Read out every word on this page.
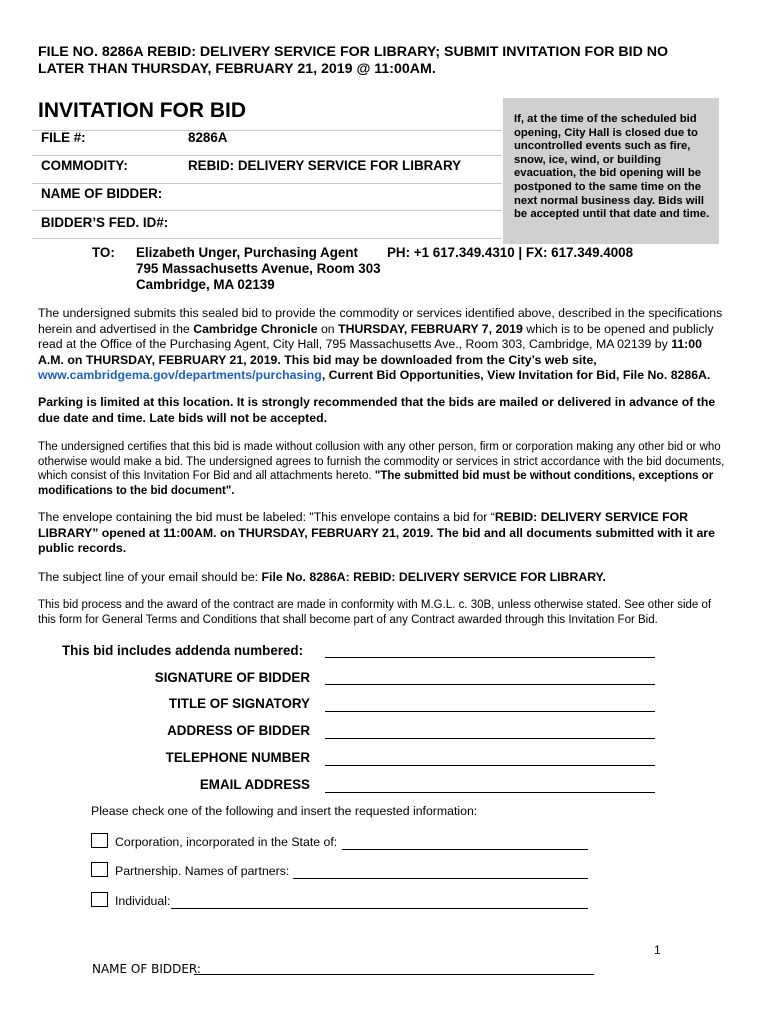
FILE NO. 8286A REBID: DELIVERY SERVICE FOR LIBRARY; SUBMIT INVITATION FOR BID NO
LATER THAN THURSDAY, FEBRUARY 21, 2019 @ 11:00AM.
INVITATION FOR BID
FILE #:	8286A
COMMODITY:	REBID: DELIVERY SERVICE FOR LIBRARY
NAME OF BIDDER:
BIDDER’S FED. ID#:
If, at the time of the scheduled bid opening, City Hall is closed due to uncontrolled events such as fire, snow, ice, wind, or building evacuation, the bid opening will be postponed to the same time on the next normal business day. Bids will be accepted until that date and time.
TO: Elizabeth Unger, Purchasing Agent
795 Massachusetts Avenue, Room 303
Cambridge, MA 02139
PH: +1 617.349.4310 | FX: 617.349.4008
The undersigned submits this sealed bid to provide the commodity or services identified above, described in the specifications herein and advertised in the Cambridge Chronicle on THURSDAY, FEBRUARY 7, 2019 which is to be opened and publicly read at the Office of the Purchasing Agent, City Hall, 795 Massachusetts Ave., Room 303, Cambridge, MA 02139 by 11:00 A.M. on THURSDAY, FEBRUARY 21, 2019. This bid may be downloaded from the City’s web site, www.cambridgema.gov/departments/purchasing, Current Bid Opportunities, View Invitation for Bid, File No. 8286A.
Parking is limited at this location. It is strongly recommended that the bids are mailed or delivered in advance of the due date and time. Late bids will not be accepted.
The undersigned certifies that this bid is made without collusion with any other person, firm or corporation making any other bid or who otherwise would make a bid. The undersigned agrees to furnish the commodity or services in strict accordance with the bid documents, which consist of this Invitation For Bid and all attachments hereto. "The submitted bid must be without conditions, exceptions or modifications to the bid document".
The envelope containing the bid must be labeled: "This envelope contains a bid for “REBID: DELIVERY SERVICE FOR LIBRARY” opened at 11:00AM. on THURSDAY, FEBRUARY 21, 2019. The bid and all documents submitted with it are public records.
The subject line of your email should be: File No. 8286A: REBID: DELIVERY SERVICE FOR LIBRARY.
This bid process and the award of the contract are made in conformity with M.G.L. c. 30B, unless otherwise stated. See other side of this form for General Terms and Conditions that shall become part of any Contract awarded through this Invitation For Bid.
This bid includes addenda numbered:
SIGNATURE OF BIDDER
TITLE OF SIGNATORY
ADDRESS OF BIDDER
TELEPHONE NUMBER
EMAIL ADDRESS
Please check one of the following and insert the requested information:
Corporation, incorporated in the State of:
Partnership. Names of partners:
Individual:
1
NAME OF BIDDER:
